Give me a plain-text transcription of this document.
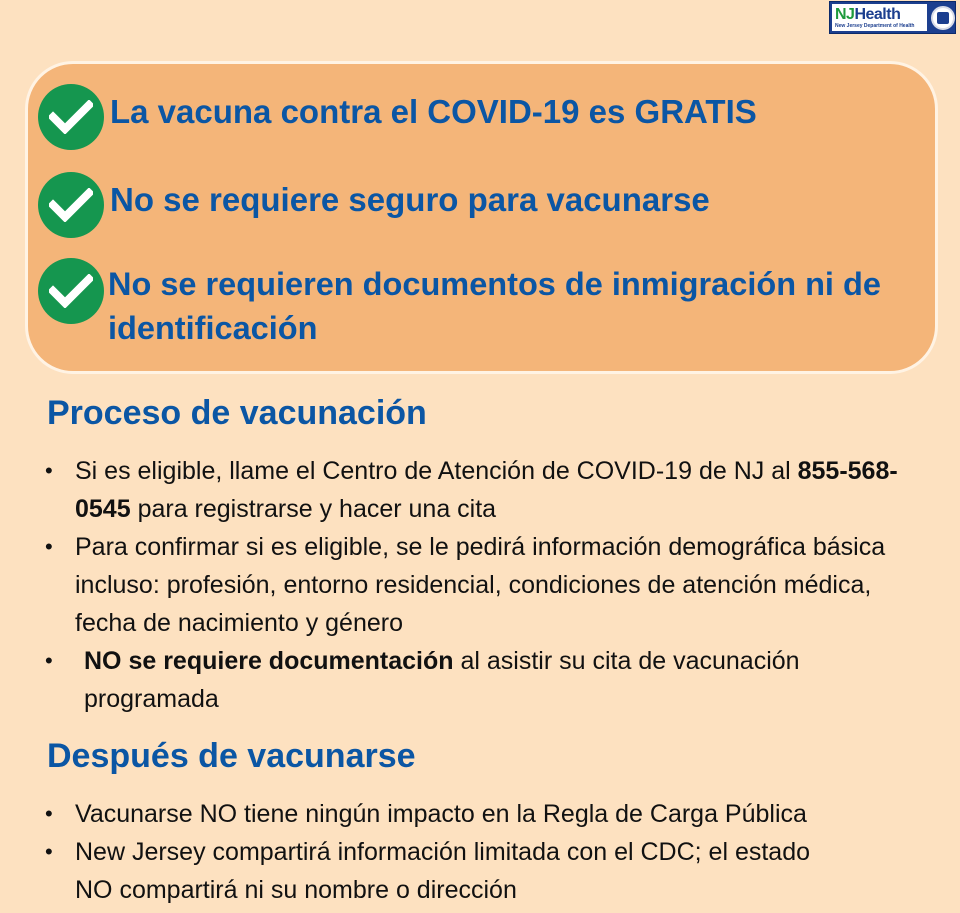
NJHealth
New Jersey Department of Health
La vacuna contra el COVID-19 es GRATIS
No se requiere seguro para vacunarse
No se requieren documentos de inmigración ni de identificación
Proceso de vacunación
• Si es eligible, llame el Centro de Atención de COVID-19 de NJ al 855-568-0545 para registrarse y hacer una cita
• Para confirmar si es eligible, se le pedirá información demográfica básica incluso: profesión, entorno residencial, condiciones de atención médica, fecha de nacimiento y género
• NO se requiere documentación al asistir su cita de vacunación programada
Después de vacunarse
• Vacunarse NO tiene ningún impacto en la Regla de Carga Pública
• New Jersey compartirá información limitada con el CDC; el estado NO compartirá ni su nombre o dirección
